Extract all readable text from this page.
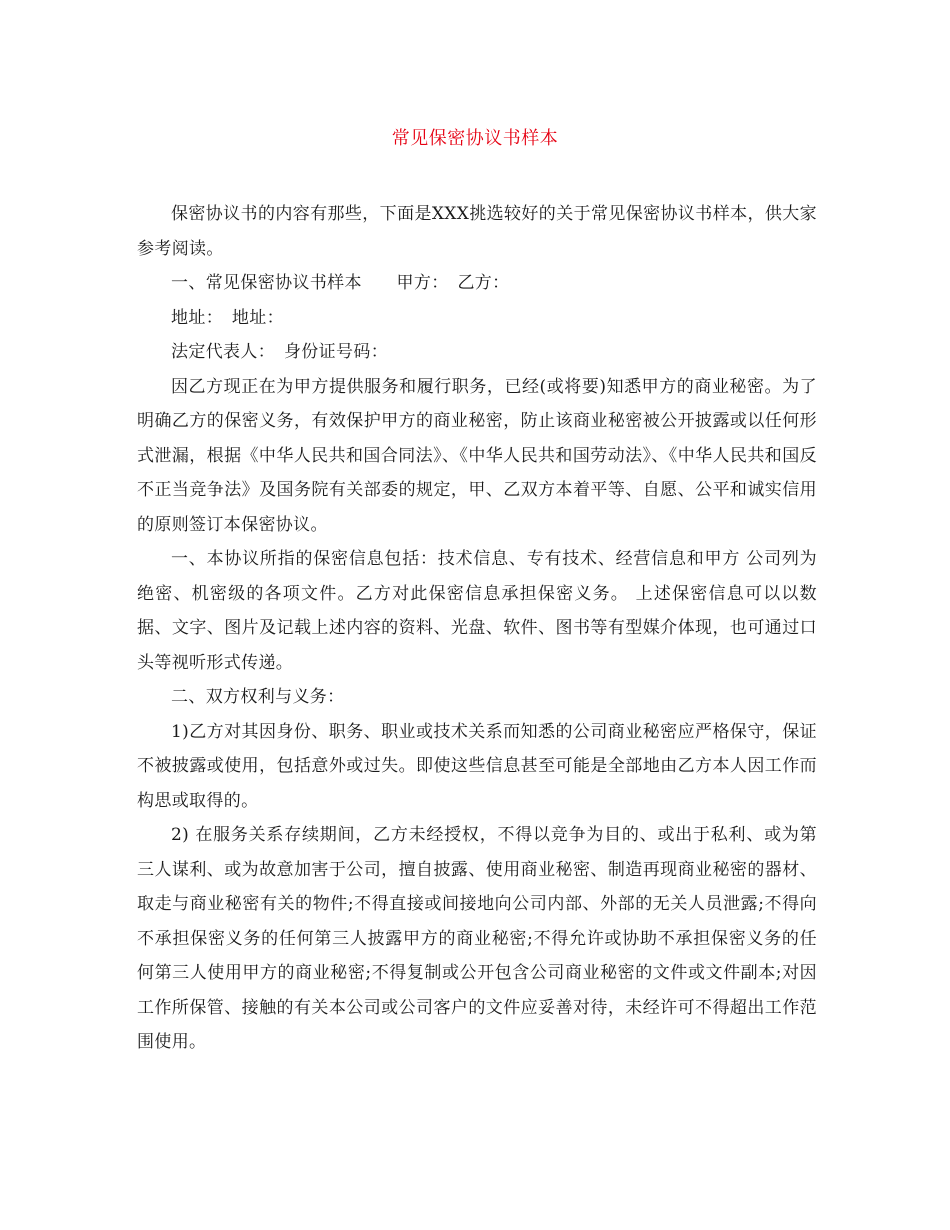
常见保密协议书样本

保密协议书的内容有那些，下面是XXX挑选较好的关于常见保密协议书样本，供大家参考阅读。

一、常见保密协议书样本　　甲方：　乙方：

地址：　地址：

法定代表人：　身份证号码：

因乙方现正在为甲方提供服务和履行职务，已经(或将要)知悉甲方的商业秘密。为了明确乙方的保密义务，有效保护甲方的商业秘密，防止该商业秘密被公开披露或以任何形式泄漏，根据《中华人民共和国合同法》、《中华人民共和国劳动法》、《中华人民共和国反不正当竞争法》及国务院有关部委的规定，甲、乙双方本着平等、自愿、公平和诚实信用的原则签订本保密协议。

一、本协议所指的保密信息包括：技术信息、专有技术、经营信息和甲方 公司列为绝密、机密级的各项文件。乙方对此保密信息承担保密义务。 上述保密信息可以以数据、文字、图片及记载上述内容的资料、光盘、软件、图书等有型媒介体现，也可通过口头等视听形式传递。

二、双方权利与义务：

1)乙方对其因身份、职务、职业或技术关系而知悉的公司商业秘密应严格保守，保证不被披露或使用，包括意外或过失。即使这些信息甚至可能是全部地由乙方本人因工作而构思或取得的。

2) 在服务关系存续期间，乙方未经授权，不得以竞争为目的、或出于私利、或为第三人谋利、或为故意加害于公司，擅自披露、使用商业秘密、制造再现商业秘密的器材、取走与商业秘密有关的物件;不得直接或间接地向公司内部、外部的无关人员泄露;不得向不承担保密义务的任何第三人披露甲方的商业秘密;不得允许或协助不承担保密义务的任何第三人使用甲方的商业秘密;不得复制或公开包含公司商业秘密的文件或文件副本;对因工作所保管、接触的有关本公司或公司客户的文件应妥善对待，未经许可不得超出工作范围使用。
